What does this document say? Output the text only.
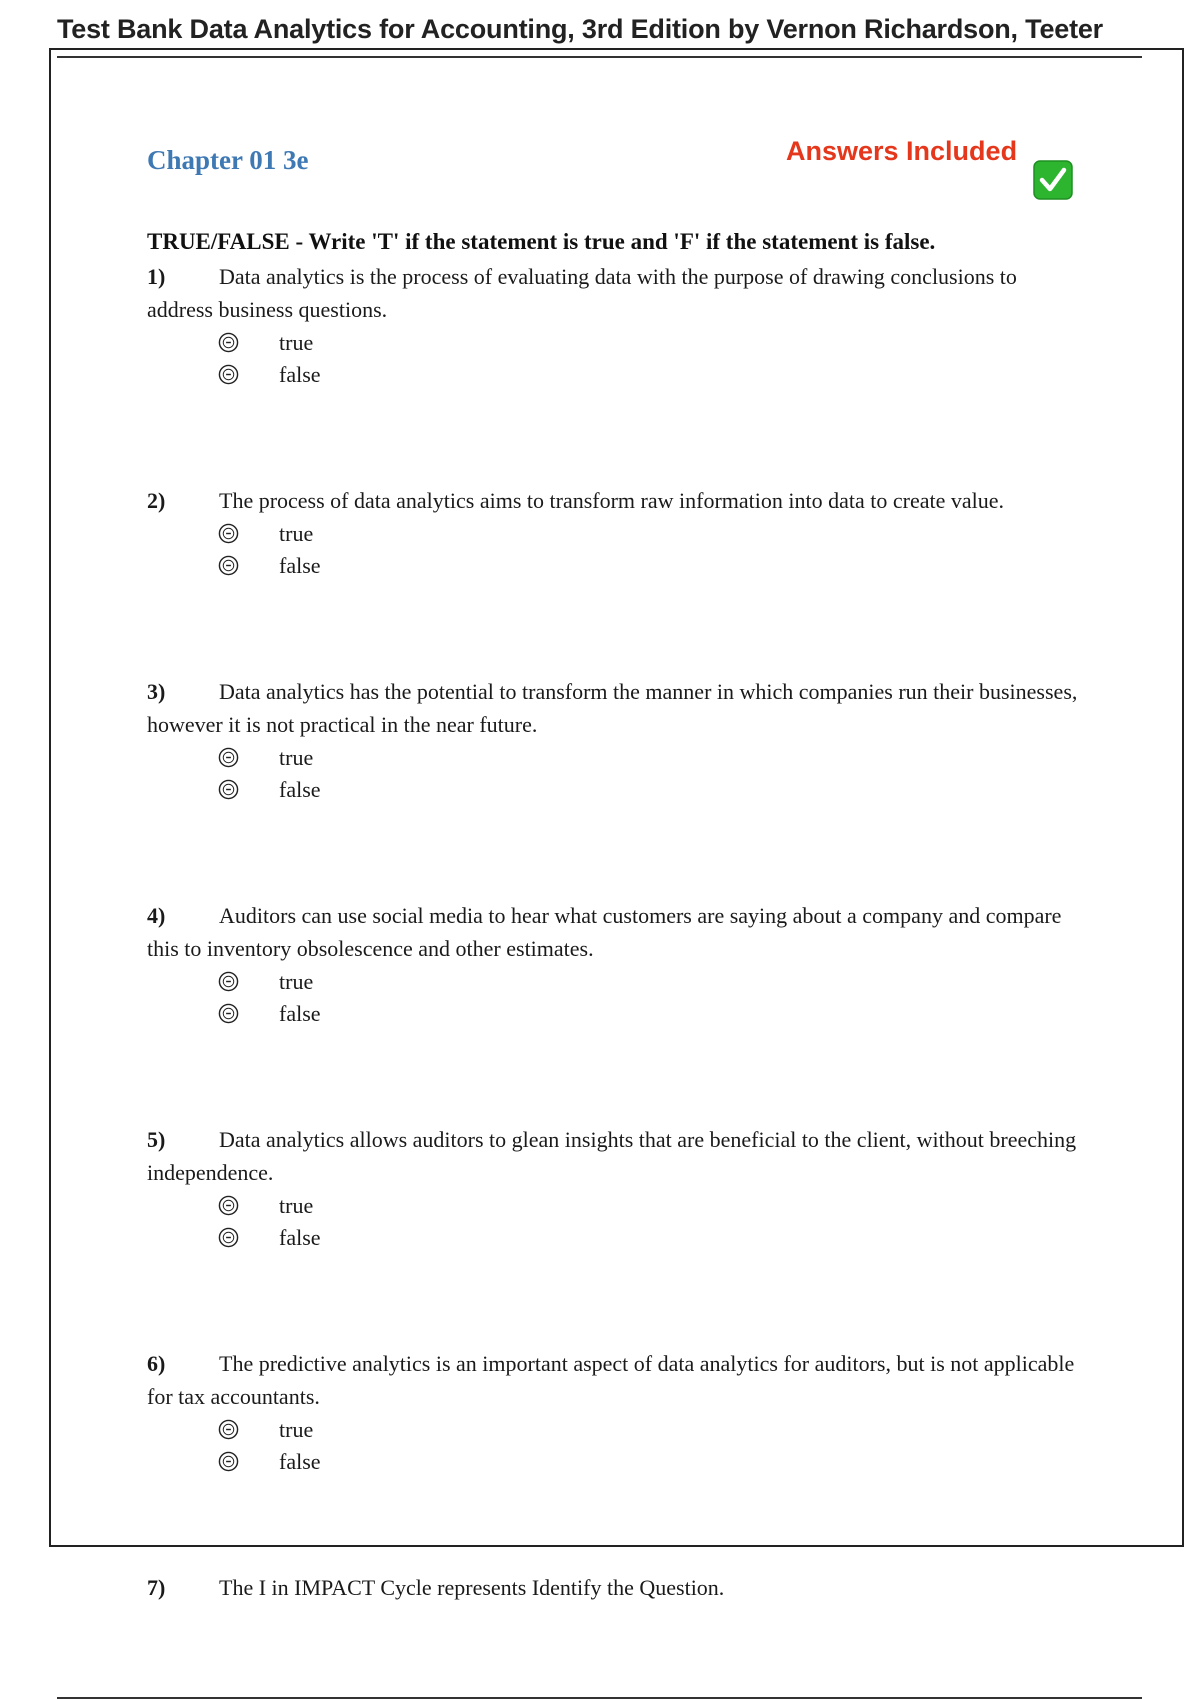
Test Bank Data Analytics for Accounting, 3rd Edition by Vernon Richardson, Teeter
Chapter 01 3e	Answers Included
TRUE/FALSE - Write 'T' if the statement is true and 'F' if the statement is false.

1) Data analytics is the process of evaluating data with the purpose of drawing conclusions to address business questions.

true
false

2) The process of data analytics aims to transform raw information into data to create value.

true
false

3) Data analytics has the potential to transform the manner in which companies run their businesses, however it is not practical in the near future.

true
false

4) Auditors can use social media to hear what customers are saying about a company and compare this to inventory obsolescence and other estimates.

true
false

5) Data analytics allows auditors to glean insights that are beneficial to the client, without breeching independence.

true
false

6) The predictive analytics is an important aspect of data analytics for auditors, but is not applicable for tax accountants.

true
false

7) The I in IMPACT Cycle represents Identify the Question.
